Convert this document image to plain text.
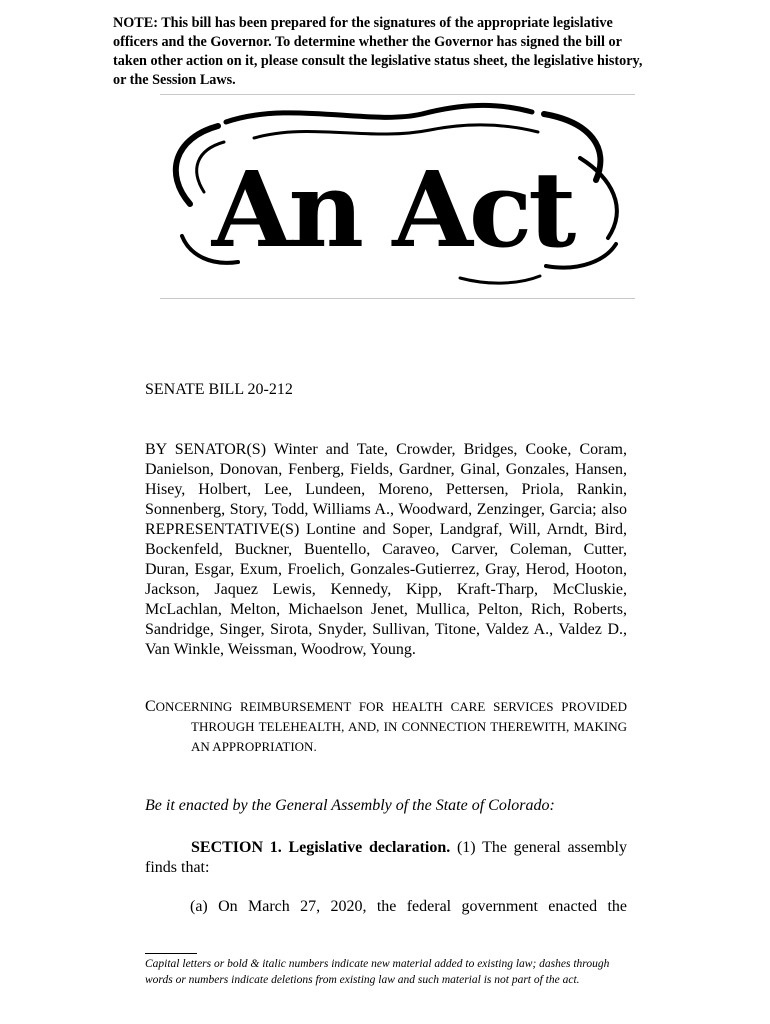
NOTE: This bill has been prepared for the signatures of the appropriate legislative officers and the Governor. To determine whether the Governor has signed the bill or taken other action on it, please consult the legislative status sheet, the legislative history, or the Session Laws.
An Act
SENATE BILL 20-212
BY SENATOR(S) Winter and Tate, Crowder, Bridges, Cooke, Coram, Danielson, Donovan, Fenberg, Fields, Gardner, Ginal, Gonzales, Hansen, Hisey, Holbert, Lee, Lundeen, Moreno, Pettersen, Priola, Rankin, Sonnenberg, Story, Todd, Williams A., Woodward, Zenzinger, Garcia; also REPRESENTATIVE(S) Lontine and Soper, Landgraf, Will, Arndt, Bird, Bockenfeld, Buckner, Buentello, Caraveo, Carver, Coleman, Cutter, Duran, Esgar, Exum, Froelich, Gonzales-Gutierrez, Gray, Herod, Hooton, Jackson, Jaquez Lewis, Kennedy, Kipp, Kraft-Tharp, McCluskie, McLachlan, Melton, Michaelson Jenet, Mullica, Pelton, Rich, Roberts, Sandridge, Singer, Sirota, Snyder, Sullivan, Titone, Valdez A., Valdez D., Van Winkle, Weissman, Woodrow, Young.
CONCERNING REIMBURSEMENT FOR HEALTH CARE SERVICES PROVIDED
THROUGH TELEHEALTH, AND, IN CONNECTION THEREWITH, MAKING
AN APPROPRIATION.
Be it enacted by the General Assembly of the State of Colorado:
SECTION 1. Legislative declaration. (1) The general assembly finds that:
(a) On March 27, 2020, the federal government enacted the
Capital letters or bold & italic numbers indicate new material added to existing law; dashes through words or numbers indicate deletions from existing law and such material is not part of the act.
